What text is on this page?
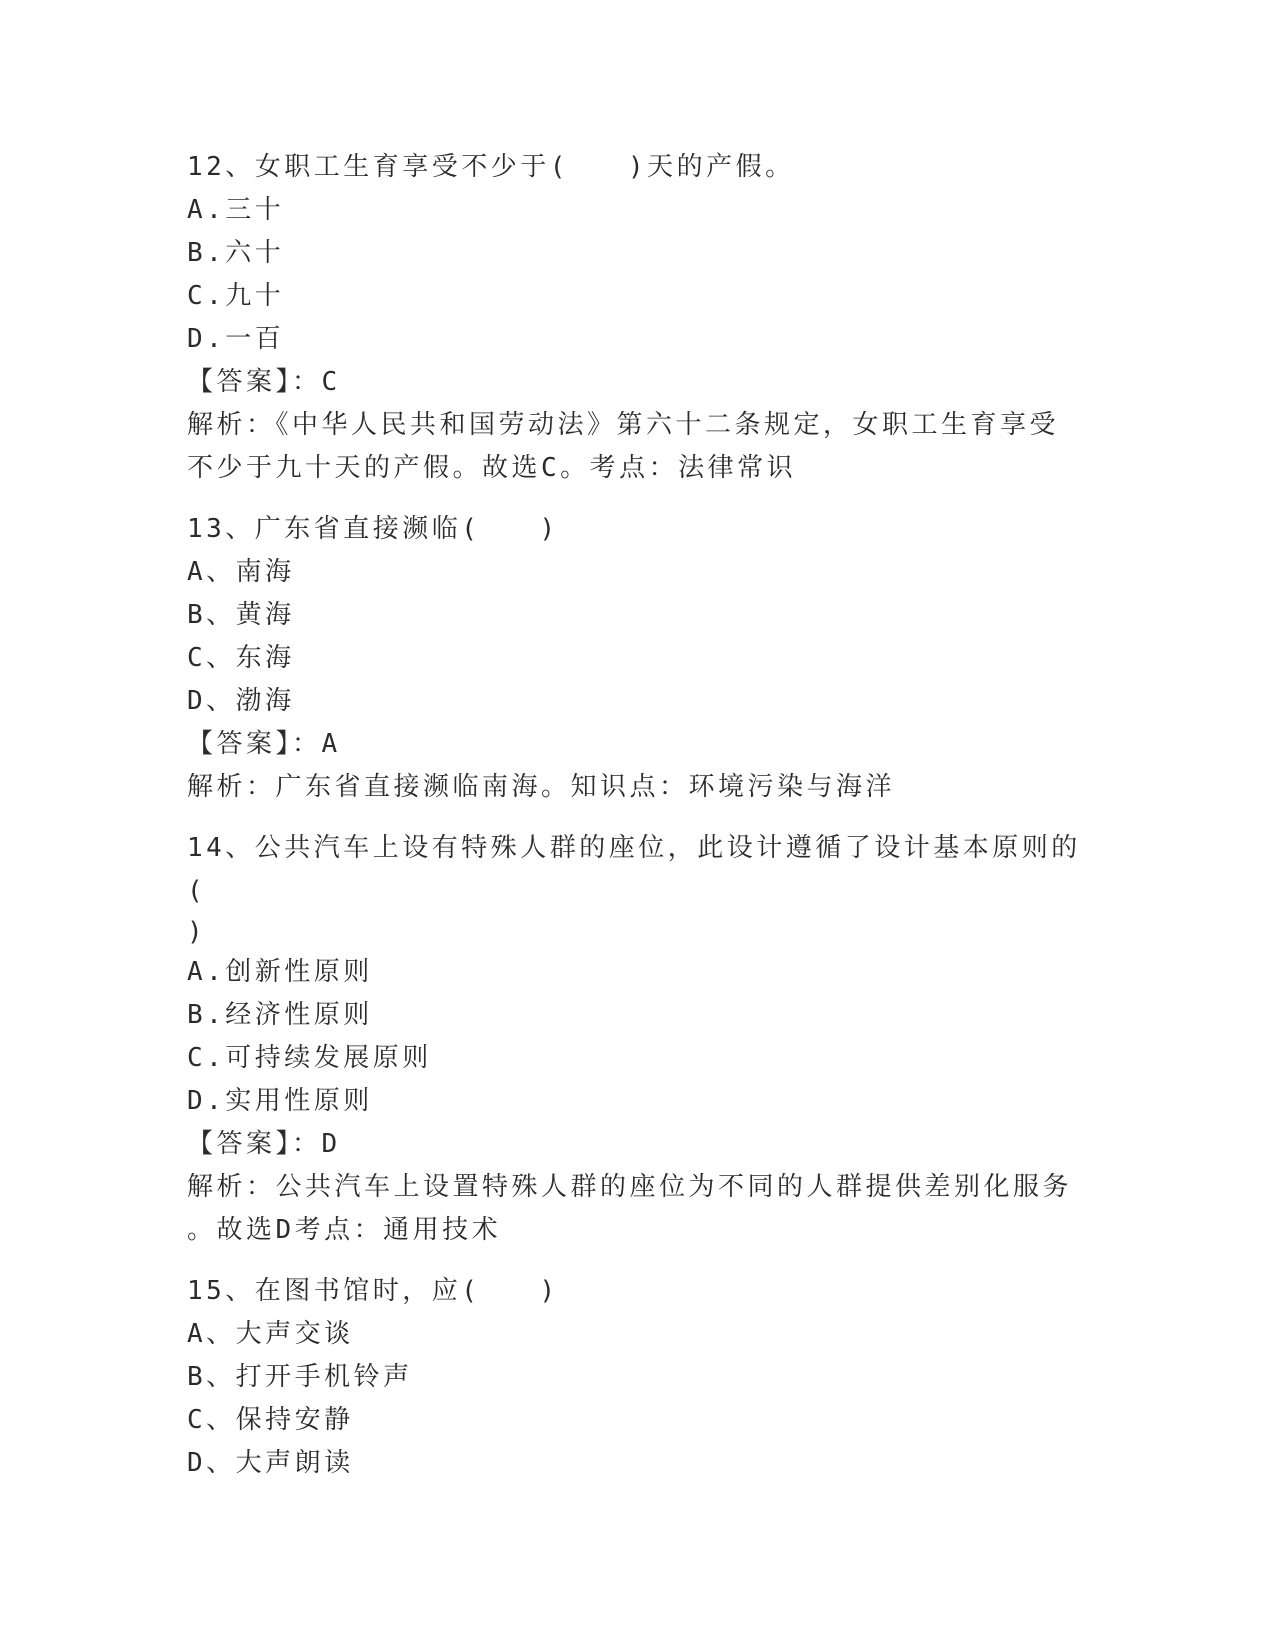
12、女职工生育享受不少于(　　)天的产假。

A.三十

B.六十

C.九十

D.一百

【答案】：C

解析：《中华人民共和国劳动法》第六十二条规定，女职工生育享受

不少于九十天的产假。故选C。考点：法律常识

13、广东省直接濒临(　　)

A、南海

B、黄海

C、东海

D、渤海

【答案】：A

解析：广东省直接濒临南海。知识点：环境污染与海洋

14、公共汽车上设有特殊人群的座位，此设计遵循了设计基本原则的(

)

A.创新性原则

B.经济性原则

C.可持续发展原则

D.实用性原则

【答案】：D

解析：公共汽车上设置特殊人群的座位为不同的人群提供差别化服务

。故选D考点：通用技术

15、在图书馆时，应(　　)

A、大声交谈

B、打开手机铃声

C、保持安静

D、大声朗读
